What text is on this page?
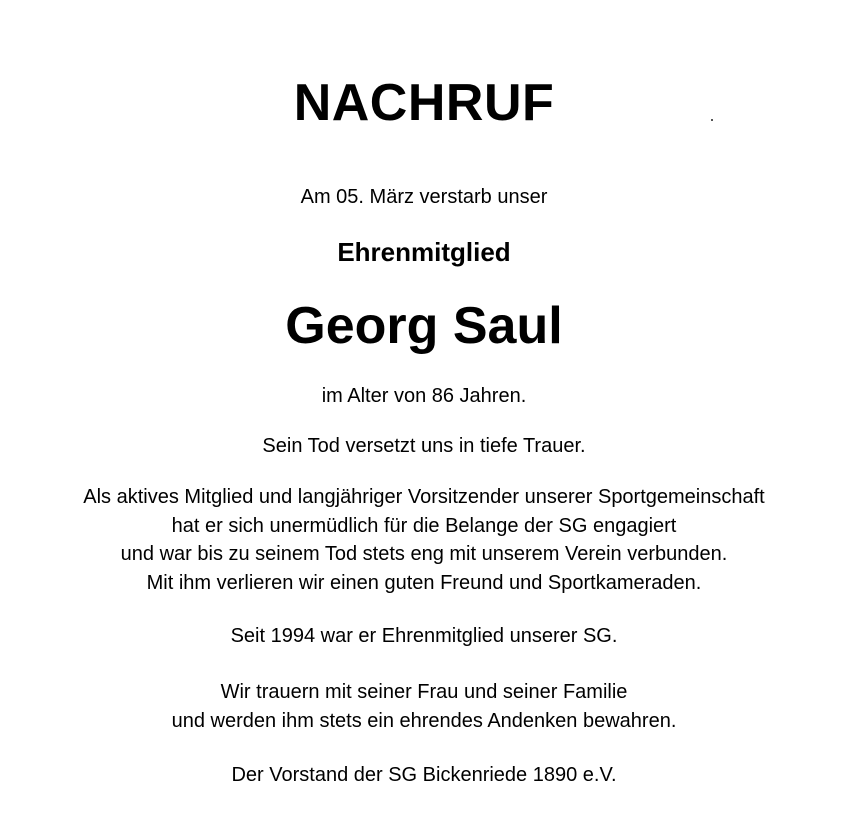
NACHRUF
Am 05. März verstarb unser
Ehrenmitglied
Georg Saul
im Alter von 86 Jahren.
Sein Tod versetzt uns in tiefe Trauer.
Als aktives Mitglied und langjähriger Vorsitzender unserer Sportgemeinschaft
hat er sich unermüdlich für die Belange der SG engagiert
und war bis zu seinem Tod stets eng mit unserem Verein verbunden.
Mit ihm verlieren wir einen guten Freund und Sportkameraden.
Seit 1994 war er Ehrenmitglied unserer SG.
Wir trauern mit seiner Frau und seiner Familie
und werden ihm stets ein ehrendes Andenken bewahren.
Der Vorstand der SG Bickenriede 1890 e.V.
